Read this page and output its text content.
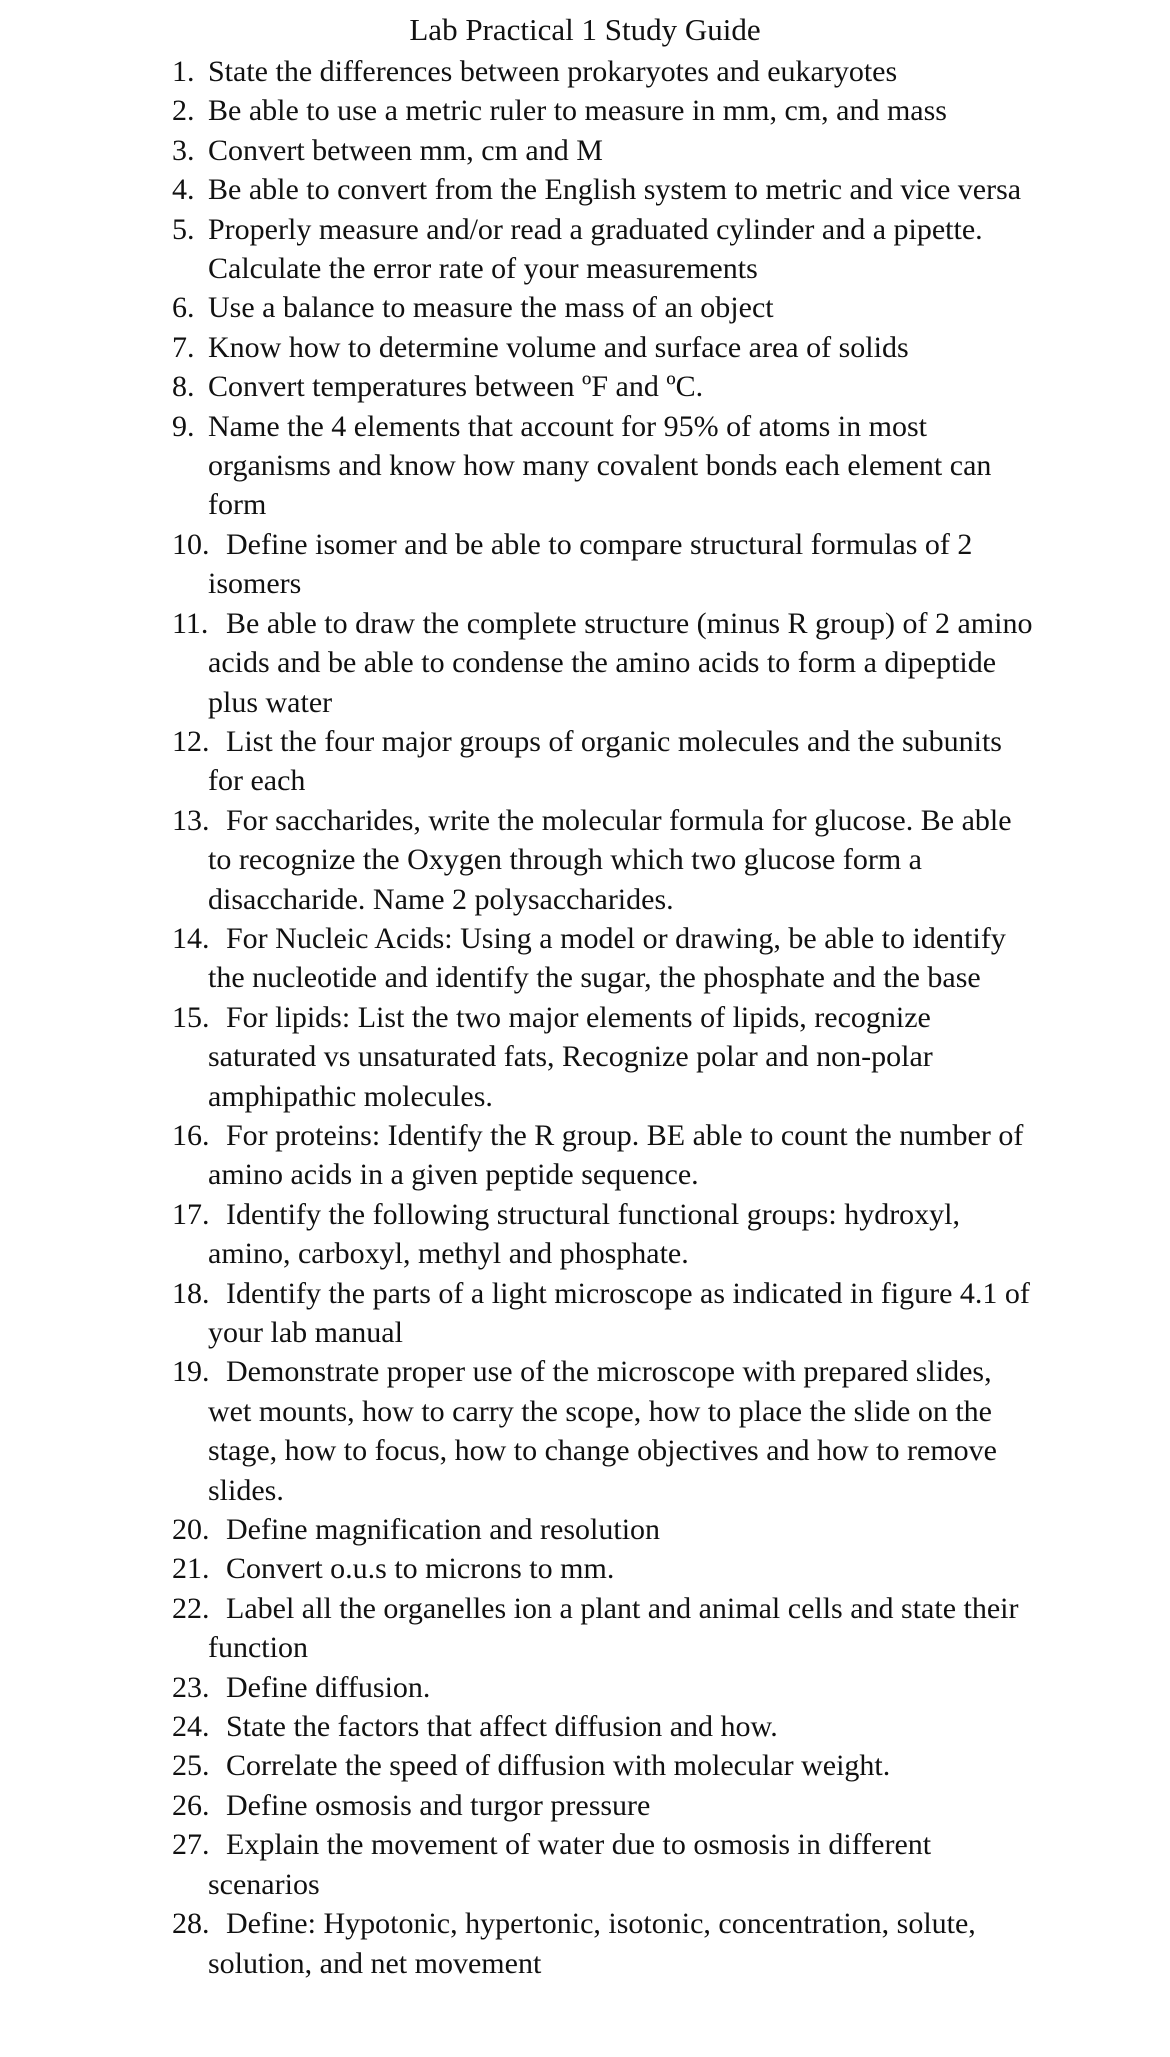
Lab Practical 1 Study Guide
1. State the differences between prokaryotes and eukaryotes
2. Be able to use a metric ruler to measure in mm, cm, and mass
3. Convert between mm, cm and M
4. Be able to convert from the English system to metric and vice versa
5. Properly measure and/or read a graduated cylinder and a pipette. Calculate the error rate of your measurements
6. Use a balance to measure the mass of an object
7. Know how to determine volume and surface area of solids
8. Convert temperatures between ºF and ºC.
9. Name the 4 elements that account for 95% of atoms in most organisms and know how many covalent bonds each element can form
10. Define isomer and be able to compare structural formulas of 2 isomers
11. Be able to draw the complete structure (minus R group) of 2 amino acids and be able to condense the amino acids to form a dipeptide plus water
12. List the four major groups of organic molecules and the subunits for each
13. For saccharides, write the molecular formula for glucose. Be able to recognize the Oxygen through which two glucose form a disaccharide. Name 2 polysaccharides.
14. For Nucleic Acids: Using a model or drawing, be able to identify the nucleotide and identify the sugar, the phosphate and the base
15. For lipids: List the two major elements of lipids, recognize saturated vs unsaturated fats, Recognize polar and non-polar amphipathic molecules.
16. For proteins: Identify the R group. BE able to count the number of amino acids in a given peptide sequence.
17. Identify the following structural functional groups: hydroxyl, amino, carboxyl, methyl and phosphate.
18. Identify the parts of a light microscope as indicated in figure 4.1 of your lab manual
19. Demonstrate proper use of the microscope with prepared slides, wet mounts, how to carry the scope, how to place the slide on the stage, how to focus, how to change objectives and how to remove slides.
20. Define magnification and resolution
21. Convert o.u.s to microns to mm.
22. Label all the organelles ion a plant and animal cells and state their function
23. Define diffusion.
24. State the factors that affect diffusion and how.
25. Correlate the speed of diffusion with molecular weight.
26. Define osmosis and turgor pressure
27. Explain the movement of water due to osmosis in different scenarios
28. Define: Hypotonic, hypertonic, isotonic, concentration, solute, solution, and net movement
